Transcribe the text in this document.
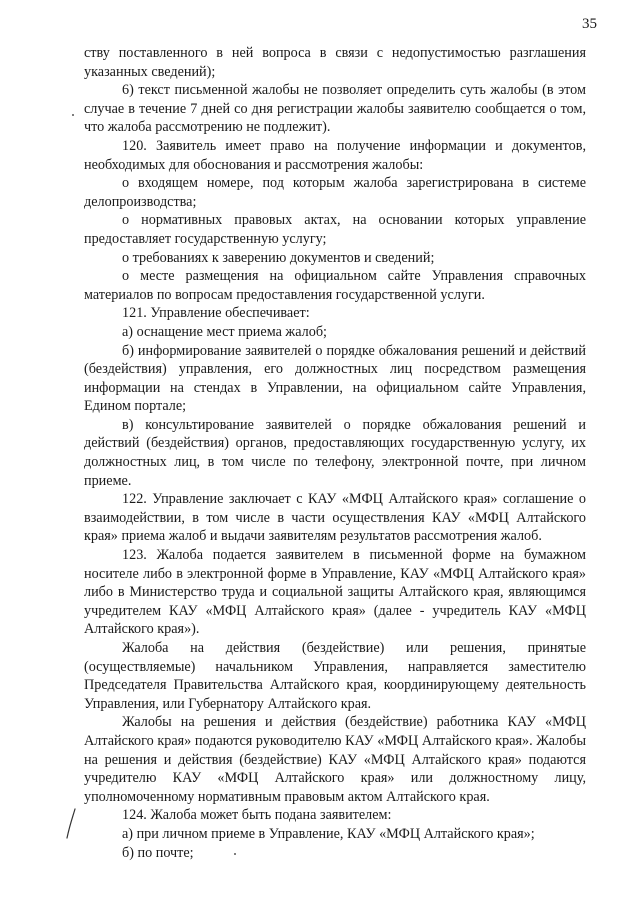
35

ству поставленного в ней вопроса в связи с недопустимостью разглашения указанных сведений);

6) текст письменной жалобы не позволяет определить суть жалобы (в этом случае в течение 7 дней со дня регистрации жалобы заявителю сообщается о том, что жалоба рассмотрению не подлежит).

120. Заявитель имеет право на получение информации и документов, необходимых для обоснования и рассмотрения жалобы:

о входящем номере, под которым жалоба зарегистрирована в системе делопроизводства;

о нормативных правовых актах, на основании которых управление предоставляет государственную услугу;

о требованиях к заверению документов и сведений;

о месте размещения на официальном сайте Управления справочных материалов по вопросам предоставления государственной услуги.

121. Управление обеспечивает:

а) оснащение мест приема жалоб;

б) информирование заявителей о порядке обжалования решений и действий (бездействия) управления, его должностных лиц посредством размещения информации на стендах в Управлении, на официальном сайте Управления, Едином портале;

в) консультирование заявителей о порядке обжалования решений и действий (бездействия) органов, предоставляющих государственную услугу, их должностных лиц, в том числе по телефону, электронной почте, при личном приеме.

122. Управление заключает с КАУ «МФЦ Алтайского края» соглашение о взаимодействии, в том числе в части осуществления КАУ «МФЦ Алтайского края» приема жалоб и выдачи заявителям результатов рассмотрения жалоб.

123. Жалоба подается заявителем в письменной форме на бумажном носителе либо в электронной форме в Управление, КАУ «МФЦ Алтайского края» либо в Министерство труда и социальной защиты Алтайского края, являющимся учредителем КАУ «МФЦ Алтайского края» (далее - учредитель КАУ «МФЦ Алтайского края»).

Жалоба на действия (бездействие) или решения, принятые (осуществляемые) начальником Управления, направляется заместителю Председателя Правительства Алтайского края, координирующему деятельность Управления, или Губернатору Алтайского края.

Жалобы на решения и действия (бездействие) работника КАУ «МФЦ Алтайского края» подаются руководителю КАУ «МФЦ Алтайского края». Жалобы на решения и действия (бездействие) КАУ «МФЦ Алтайского края» подаются учредителю КАУ «МФЦ Алтайского края» или должностному лицу, уполномоченному нормативным правовым актом Алтайского края.

124. Жалоба может быть подана заявителем:

а) при личном приеме в Управление, КАУ «МФЦ Алтайского края»;

б) по почте;
